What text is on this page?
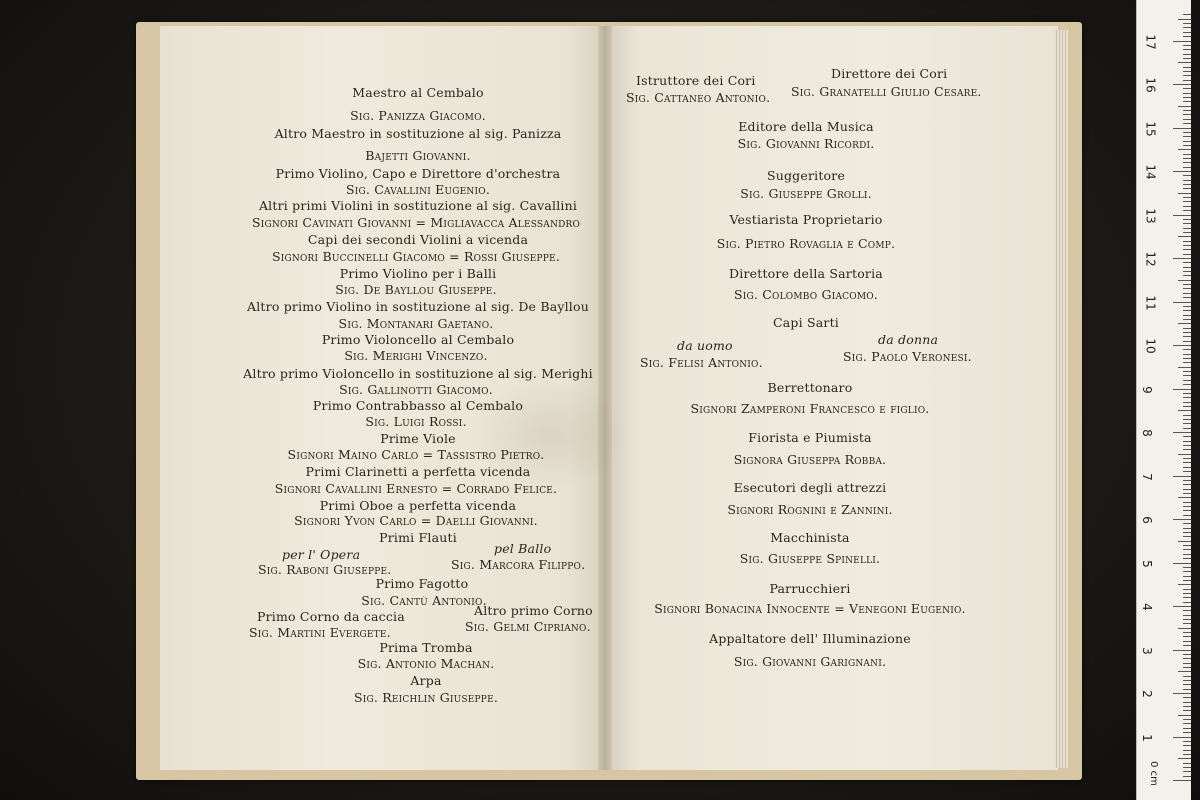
Maestro al Cembalo
Sig. Panizza Giacomo.
Altro Maestro in sostituzione al sig. Panizza
Bajetti Giovanni.
Primo Violino, Capo e Direttore d'orchestra
Sig. Cavallini Eugenio.
Altri primi Violini in sostituzione al sig. Cavallini
Signori Cavinati Giovanni = Migliavacca Alessandro
Capi dei secondi Violini a vicenda
Signori Buccinelli Giacomo = Rossi Giuseppe.
Primo Violino per i Balli
Sig. De Bayllou Giuseppe.
Altro primo Violino in sostituzione al sig. De Bayllou
Sig. Montanari Gaetano.
Primo Violoncello al Cembalo
Sig. Merighi Vincenzo.
Altro primo Violoncello in sostituzione al sig. Merighi
Sig. Gallinotti Giacomo.
Primo Contrabbasso al Cembalo
Sig. Luigi Rossi.
Prime Viole
Signori Maino Carlo = Tassistro Pietro.
Primi Clarinetti a perfetta vicenda
Signori Cavallini Ernesto = Corrado Felice.
Primi Oboe a perfetta vicenda
Signori Yvon Carlo = Daelli Giovanni.
Primi Flauti
per l' Opera
Sig. Raboni Giuseppe.
pel Ballo
Sig. Marcora Filippo.
Primo Fagotto
Sig. Cantù Antonio.
Primo Corno da caccia
Sig. Martini Evergete.
Altro primo Corno
Sig. Gelmi Cipriano.
Prima Tromba
Sig. Antonio Machan.
Arpa
Sig. Reichlin Giuseppe.
Istruttore dei Cori
Sig. Cattaneo Antonio.
Direttore dei Cori
Sig. Granatelli Giulio Cesare.
Editore della Musica
Sig. Giovanni Ricordi.
Suggeritore
Sig. Giuseppe Grolli.
Vestiarista Proprietario
Sig. Pietro Rovaglia e Comp.
Direttore della Sartoria
Sig. Colombo Giacomo.
Capi Sarti
da uomo
Sig. Felisi Antonio.
da donna
Sig. Paolo Veronesi.
Berrettonaro
Signori Zamperoni Francesco e figlio.
Fiorista e Piumista
Signora Giuseppa Robba.
Esecutori degli attrezzi
Signori Rognini e Zannini.
Macchinista
Sig. Giuseppe Spinelli.
Parrucchieri
Signori Bonacina Innocente = Venegoni Eugenio.
Appaltatore dell' Illuminazione
Sig. Giovanni Garignani.
17
16
15
14
13
12
11
10
9
8
7
6
5
4
3
2
1
0 cm
